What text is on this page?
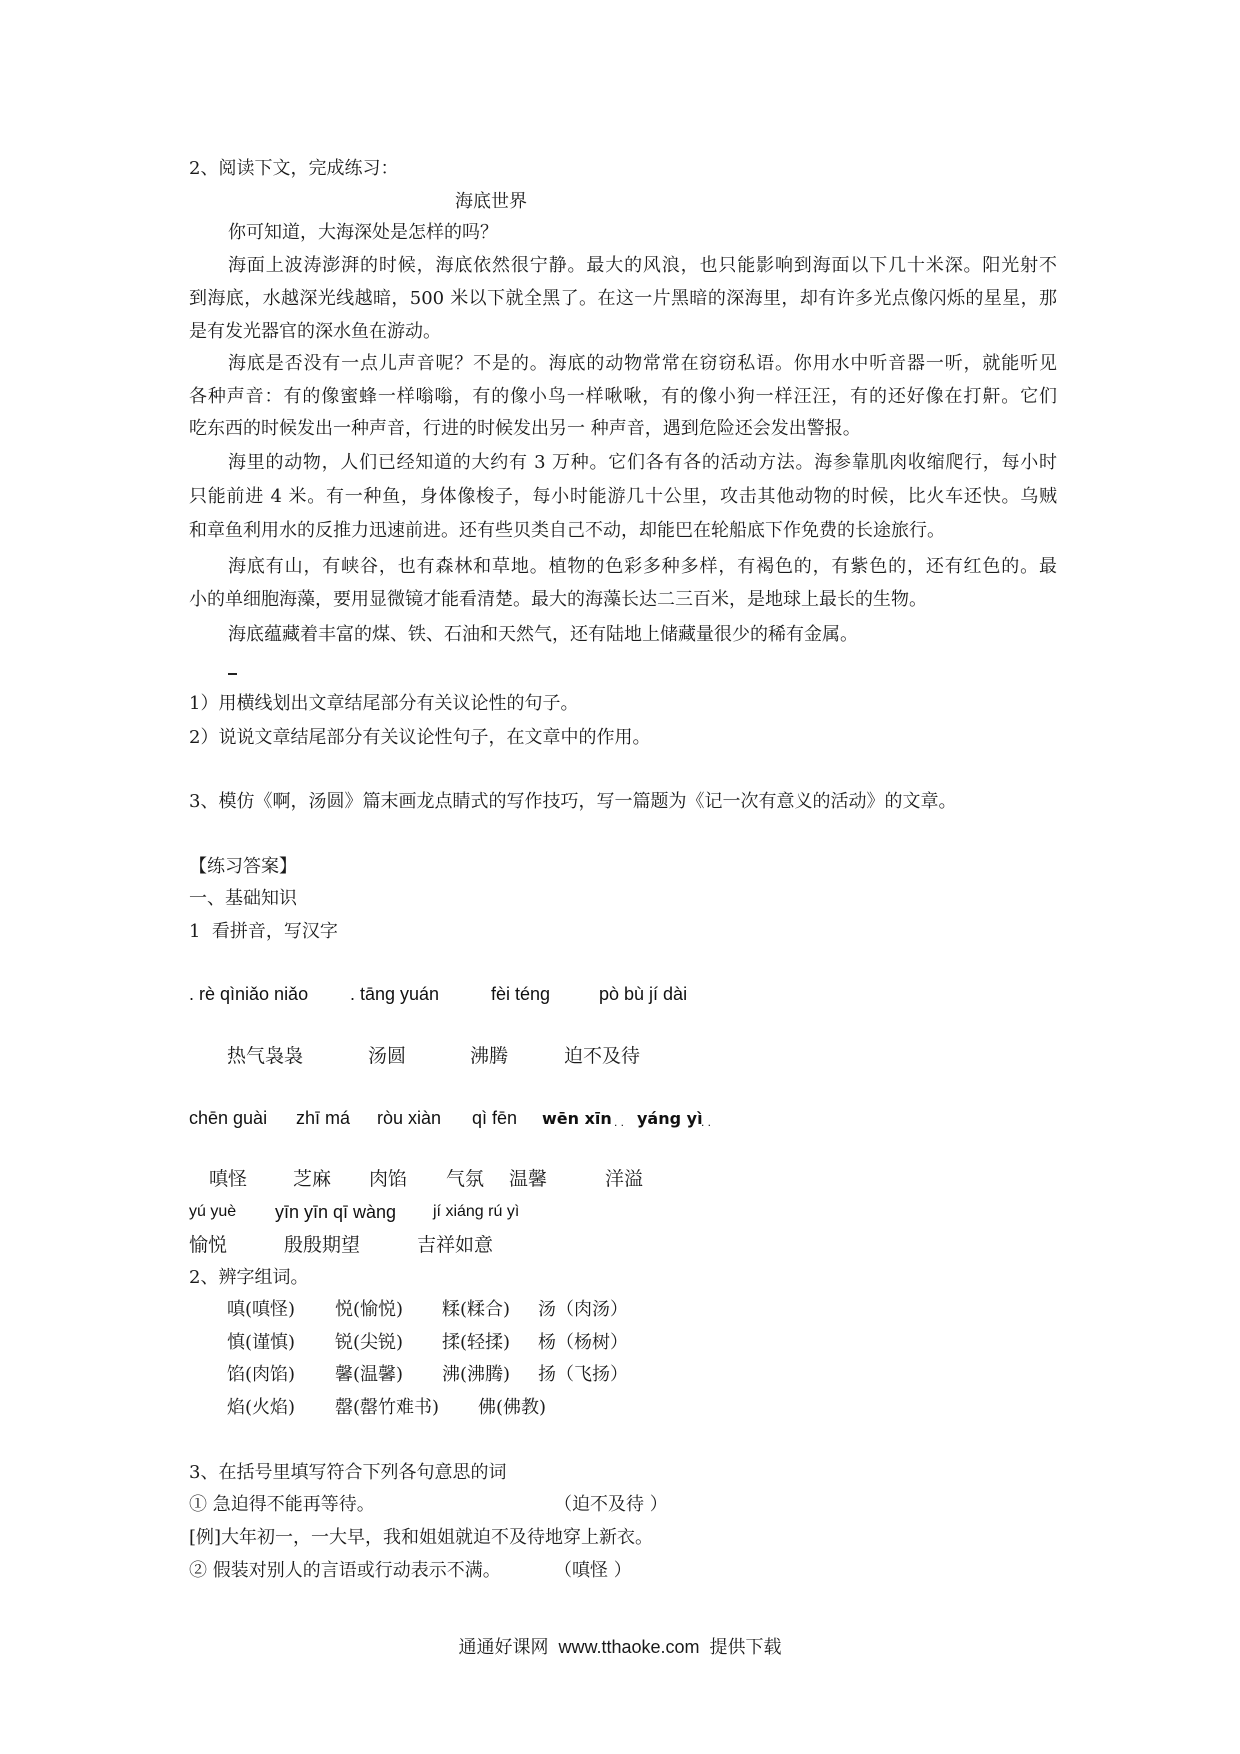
2、阅读下文，完成练习：
海底世界
你可知道，大海深处是怎样的吗？
海面上波涛澎湃的时候，海底依然很宁静。最大的风浪，也只能影响到海面以下几十米深。阳光射不
到海底，水越深光线越暗，500 米以下就全黑了。在这一片黑暗的深海里，却有许多光点像闪烁的星星，那
是有发光器官的深水鱼在游动。
海底是否没有一点儿声音呢？不是的。海底的动物常常在窃窃私语。你用水中听音器一听，就能听见
各种声音：有的像蜜蜂一样嗡嗡，有的像小鸟一样啾啾，有的像小狗一样汪汪，有的还好像在打鼾。它们
吃东西的时候发出一种声音，行进的时候发出另一 种声音，遇到危险还会发出警报。
海里的动物，人们已经知道的大约有 3 万种。它们各有各的活动方法。海参靠肌肉收缩爬行，每小时
只能前进 4 米。有一种鱼，身体像梭子，每小时能游几十公里，攻击其他动物的时候，比火车还快。乌贼
和章鱼利用水的反推力迅速前进。还有些贝类自己不动，却能巴在轮船底下作免费的长途旅行。
海底有山，有峡谷，也有森林和草地。植物的色彩多种多样，有褐色的，有紫色的，还有红色的。最
小的单细胞海藻，要用显微镜才能看清楚。最大的海藻长达二三百米，是地球上最长的生物。
海底蕴藏着丰富的煤、铁、石油和天然气，还有陆地上储藏量很少的稀有金属。
1）用横线划出文章结尾部分有关议论性的句子。
2）说说文章结尾部分有关议论性句子，在文章中的作用。
3、模仿《啊，汤圆》篇末画龙点睛式的写作技巧，写一篇题为《记一次有意义的活动》的文章。
【练习答案】
一、基础知识
1  看拼音，写汉字
. rè qìniǎo niǎo . tāng yuán	fèi téng	pò bù jí dài
热气袅袅	汤圆	沸腾	迫不及待
chēn guài zhī má ròu xiàn qì fēn wēn xīn . . yáng yì
. .
嗔怪 芝麻 肉馅 气氛 温馨	洋溢
yú yuè yīn yīn qī wàng jí xiáng rú yì
愉悦	殷殷期望	吉祥如意
2、辨字组词。
嗔(嗔怪) 悦(愉悦) 糅(糅合) 汤（肉汤）
慎(谨慎) 锐(尖锐) 揉(轻揉) 杨（杨树）
馅(肉馅) 馨(温馨) 沸(沸腾) 扬（飞扬）
焰(火焰) 罄(罄竹难书) 佛(佛教)
3、在括号里填写符合下列各句意思的词
① 急迫得不能再等待。	（迫不及待 ）
[例]大年初一，一大早，我和姐姐就迫不及待地穿上新衣。
② 假装对别人的言语或行动表示不满。	（嗔怪 ）
通通好课网  www.tthaoke.com  提供下载
